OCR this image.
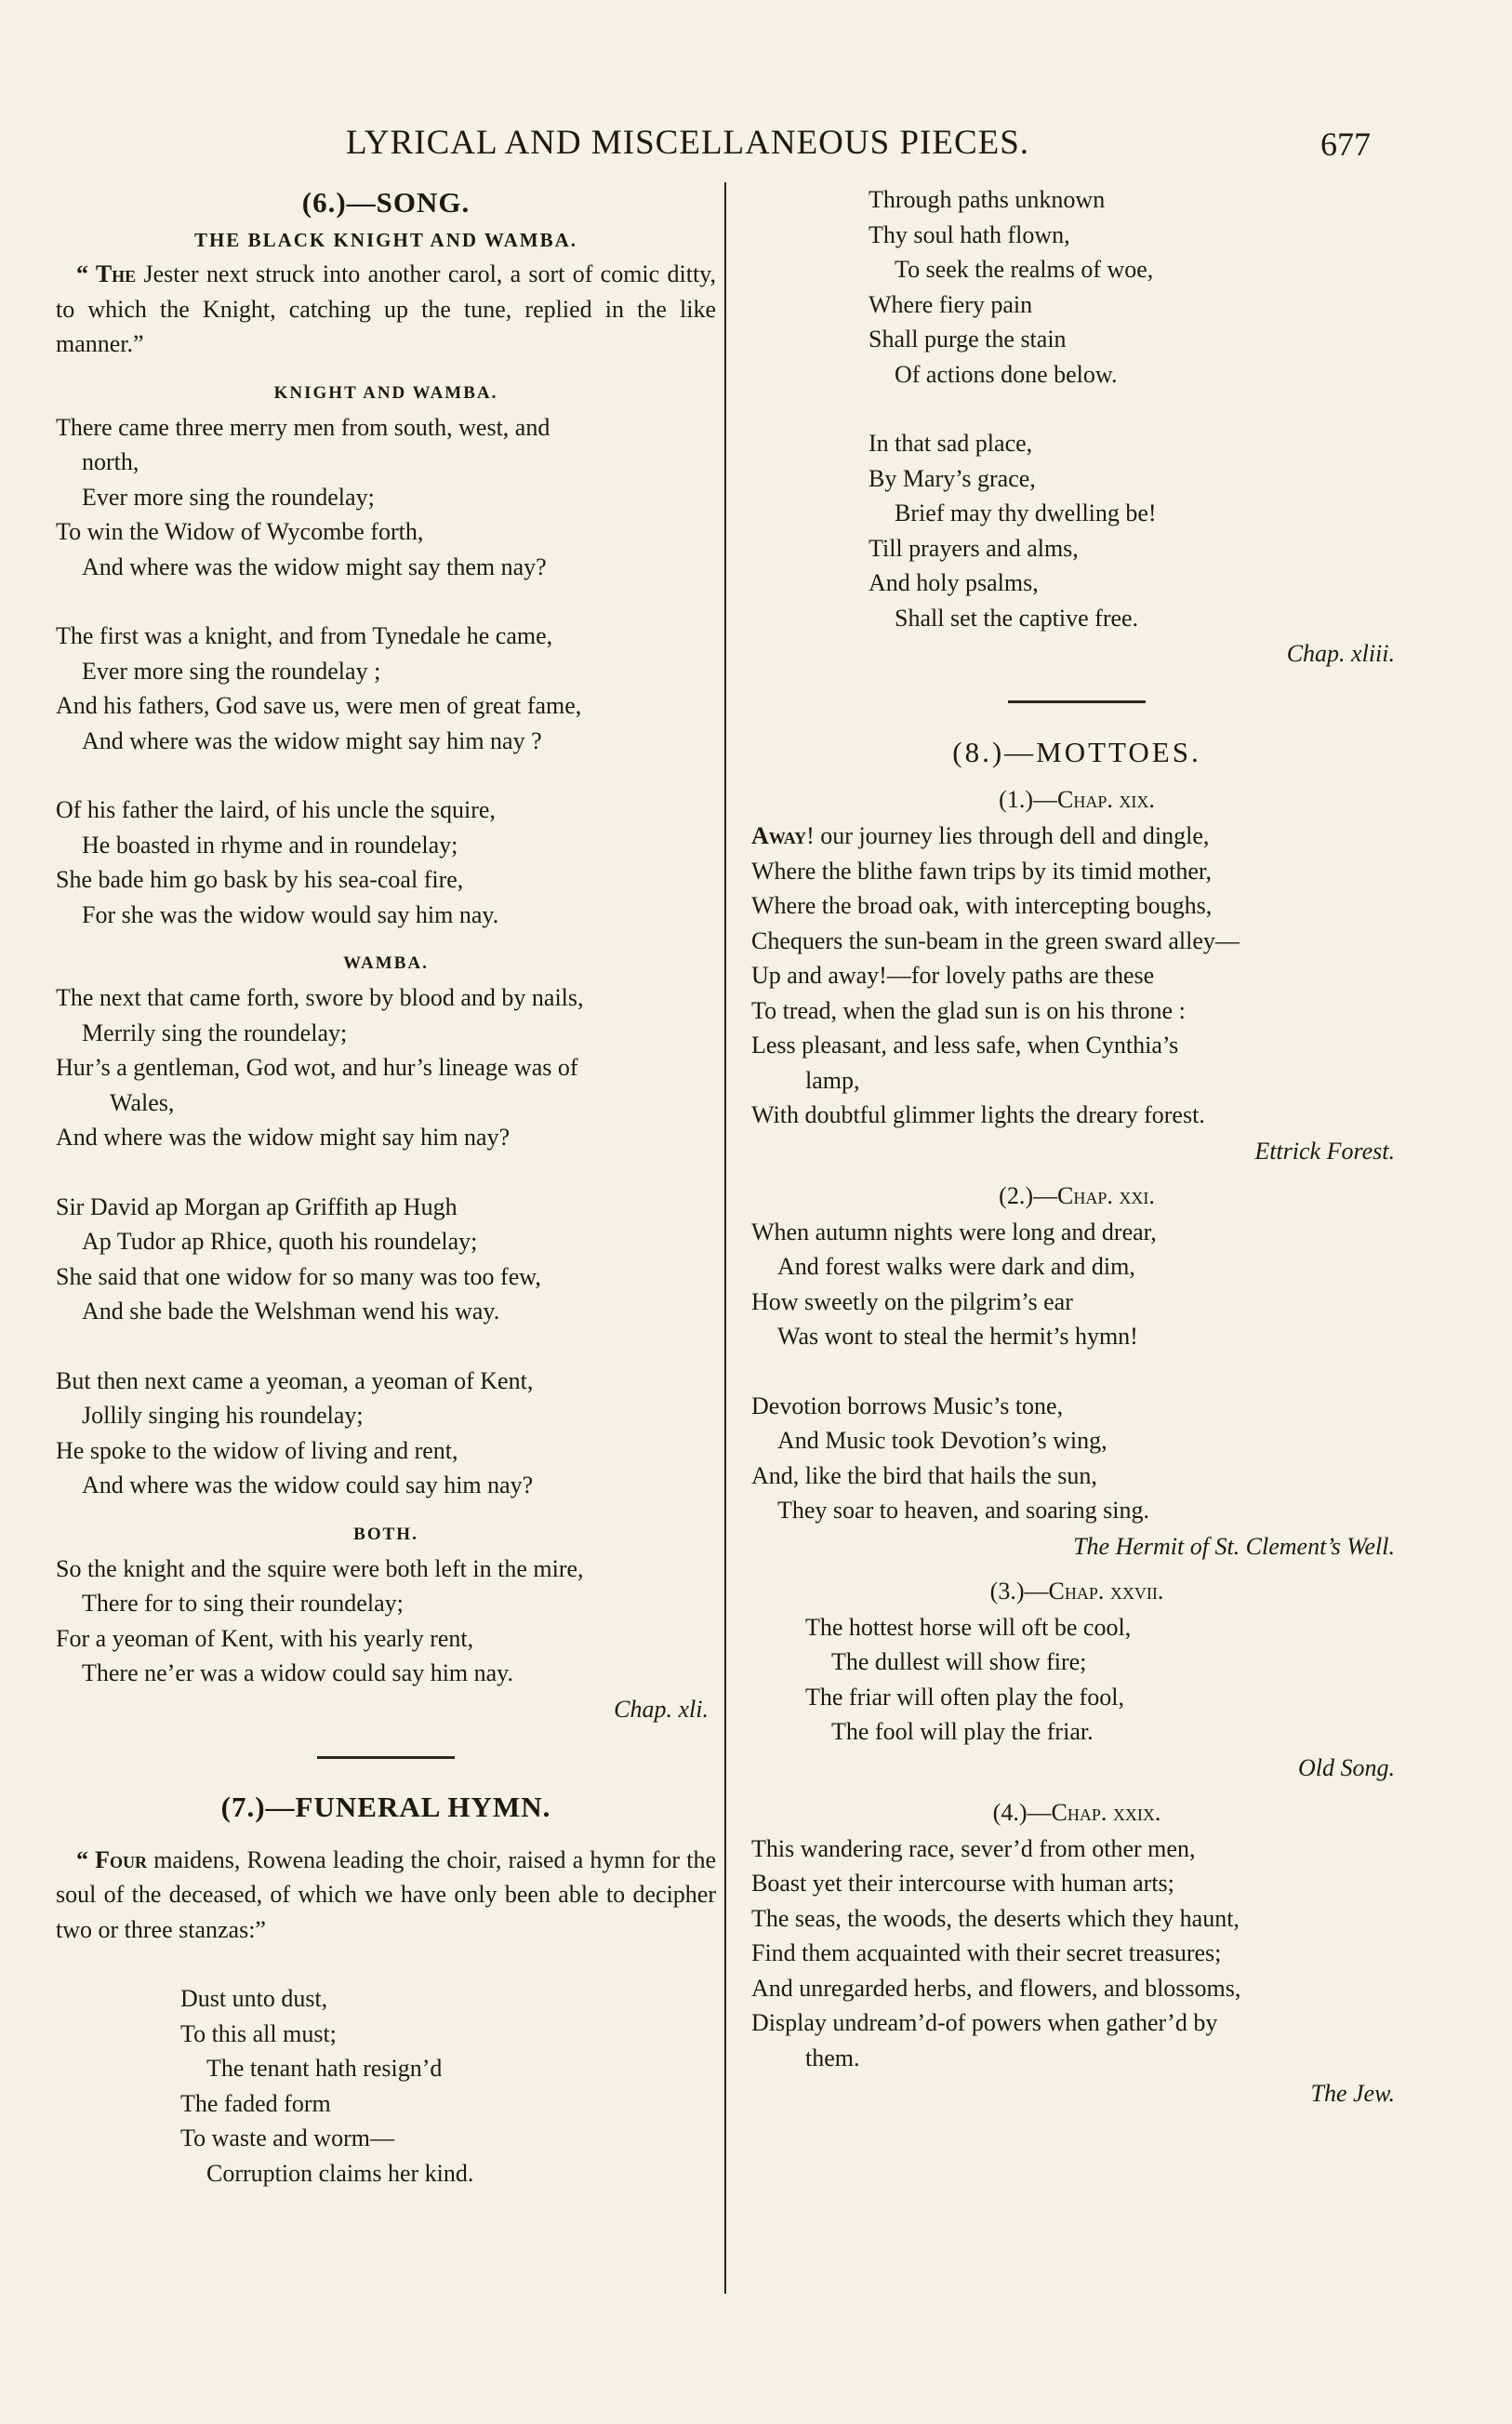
LYRICAL AND MISCELLANEOUS PIECES.	677
(6.)—SONG.
THE BLACK KNIGHT AND WAMBA.
“ The Jester next struck into another carol, a sort of comic ditty, to which the Knight, catching up the tune, replied in the like manner.”
KNIGHT AND WAMBA.
There came three merry men from south, west, and
north,
Ever more sing the roundelay;
To win the Widow of Wycombe forth,
And where was the widow might say them nay?
The first was a knight, and from Tynedale he came,
Ever more sing the roundelay ;
And his fathers, God save us, were men of great fame,
And where was the widow might say him nay ?
Of his father the laird, of his uncle the squire,
He boasted in rhyme and in roundelay;
She bade him go bask by his sea-coal fire,
For she was the widow would say him nay.
WAMBA.
The next that came forth, swore by blood and by nails,
Merrily sing the roundelay;
Hur’s a gentleman, God wot, and hur’s lineage was of
Wales,
And where was the widow might say him nay?
Sir David ap Morgan ap Griffith ap Hugh
Ap Tudor ap Rhice, quoth his roundelay;
She said that one widow for so many was too few,
And she bade the Welshman wend his way.
But then next came a yeoman, a yeoman of Kent,
Jollily singing his roundelay;
He spoke to the widow of living and rent,
And where was the widow could say him nay?
BOTH.
So the knight and the squire were both left in the mire,
There for to sing their roundelay;
For a yeoman of Kent, with his yearly rent,
There ne’er was a widow could say him nay.
Chap. xli.
(7.)—FUNERAL HYMN.
“ Four maidens, Rowena leading the choir, raised a hymn for the soul of the deceased, of which we have only been able to decipher two or three stanzas:”
Dust unto dust,
To this all must;
The tenant hath resign’d
The faded form
To waste and worm—
Corruption claims her kind.
Through paths unknown
Thy soul hath flown,
To seek the realms of woe,
Where fiery pain
Shall purge the stain
Of actions done below.
In that sad place,
By Mary’s grace,
Brief may thy dwelling be!
Till prayers and alms,
And holy psalms,
Shall set the captive free.
Chap. xliii.
(8.)—MOTTOES.
(1.)—Chap. xix.
Away! our journey lies through dell and dingle,
Where the blithe fawn trips by its timid mother,
Where the broad oak, with intercepting boughs,
Chequers the sun-beam in the green sward alley—
Up and away!—for lovely paths are these
To tread, when the glad sun is on his throne :
Less pleasant, and less safe, when Cynthia’s
lamp,
With doubtful glimmer lights the dreary forest.
Ettrick Forest.
(2.)—Chap. xxi.
When autumn nights were long and drear,
And forest walks were dark and dim,
How sweetly on the pilgrim’s ear
Was wont to steal the hermit’s hymn!
Devotion borrows Music’s tone,
And Music took Devotion’s wing,
And, like the bird that hails the sun,
They soar to heaven, and soaring sing.
The Hermit of St. Clement’s Well.
(3.)—Chap. xxvii.
The hottest horse will oft be cool,
The dullest will show fire;
The friar will often play the fool,
The fool will play the friar.
Old Song.
(4.)—Chap. xxix.
This wandering race, sever’d from other men,
Boast yet their intercourse with human arts;
The seas, the woods, the deserts which they haunt,
Find them acquainted with their secret treasures;
And unregarded herbs, and flowers, and blossoms,
Display undream’d-of powers when gather’d by
them.
The Jew.
